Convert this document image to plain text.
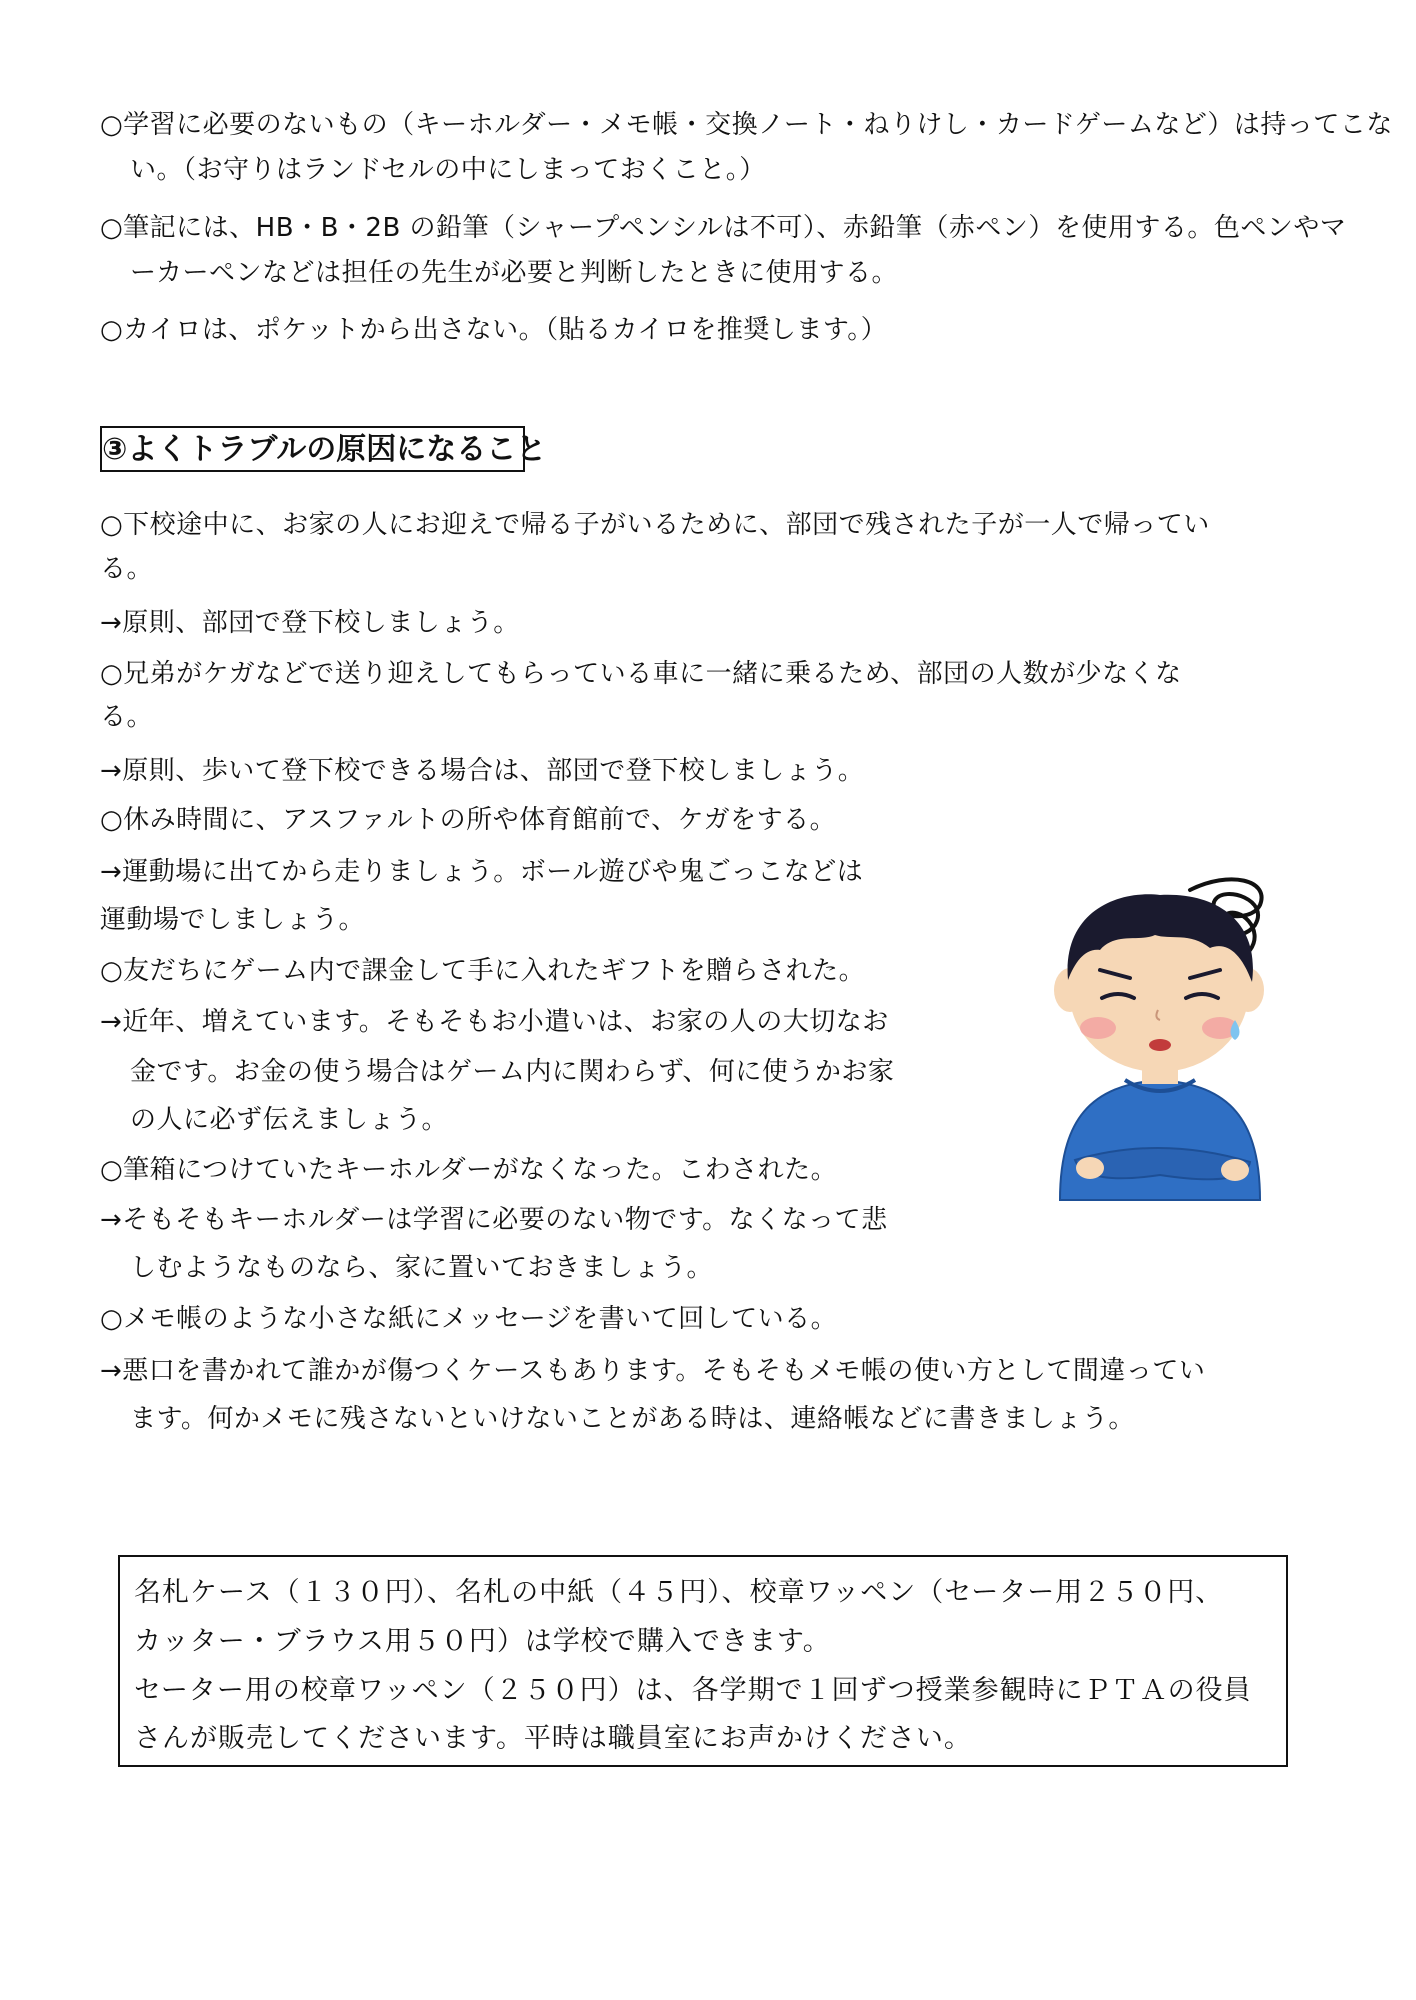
○学習に必要のないもの（キーホルダー・メモ帳・交換ノート・ねりけし・カードゲームなど）は持ってこな
い。（お守りはランドセルの中にしまっておくこと。）
○筆記には、HB・B・2B の鉛筆（シャープペンシルは不可）、赤鉛筆（赤ペン）を使用する。色ペンやマ
ーカーペンなどは担任の先生が必要と判断したときに使用する。
○カイロは、ポケットから出さない。（貼るカイロを推奨します。）
③よくトラブルの原因になること
○下校途中に、お家の人にお迎えで帰る子がいるために、部団で残された子が一人で帰ってい
る。
→原則、部団で登下校しましょう。
○兄弟がケガなどで送り迎えしてもらっている車に一緒に乗るため、部団の人数が少なくな
る。
→原則、歩いて登下校できる場合は、部団で登下校しましょう。
○休み時間に、アスファルトの所や体育館前で、ケガをする。
→運動場に出てから走りましょう。ボール遊びや鬼ごっこなどは
運動場でしましょう。
○友だちにゲーム内で課金して手に入れたギフトを贈らされた。
→近年、増えています。そもそもお小遣いは、お家の人の大切なお
金です。お金の使う場合はゲーム内に関わらず、何に使うかお家
の人に必ず伝えましょう。
○筆箱につけていたキーホルダーがなくなった。こわされた。
→そもそもキーホルダーは学習に必要のない物です。なくなって悲
しむようなものなら、家に置いておきましょう。
○メモ帳のような小さな紙にメッセージを書いて回している。
→悪口を書かれて誰かが傷つくケースもあります。そもそもメモ帳の使い方として間違ってい
ます。何かメモに残さないといけないことがある時は、連絡帳などに書きましょう。
名札ケース（１３０円）、名札の中紙（４５円）、校章ワッペン（セーター用２５０円、
カッター・ブラウス用５０円）は学校で購入できます。
セーター用の校章ワッペン（２５０円）は、各学期で１回ずつ授業参観時にＰＴＡの役員
さんが販売してくださいます。平時は職員室にお声かけください。
